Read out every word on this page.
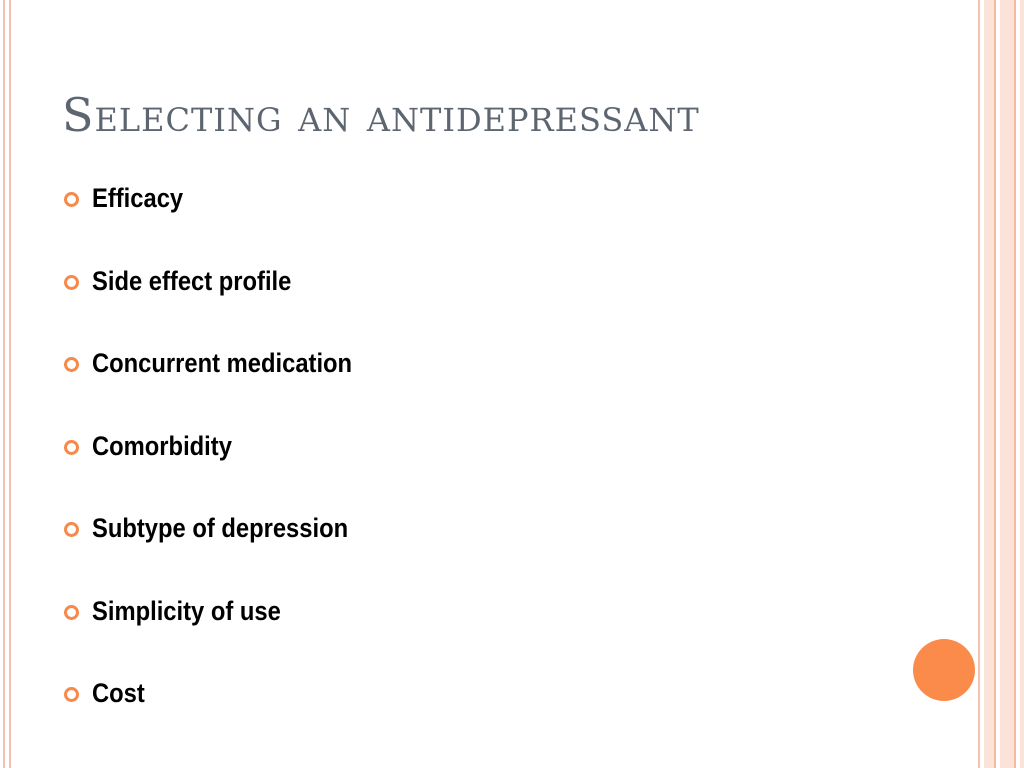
Selecting an antidepressant
Efficacy
Side effect profile
Concurrent medication
Comorbidity
Subtype of depression
Simplicity of use
Cost
